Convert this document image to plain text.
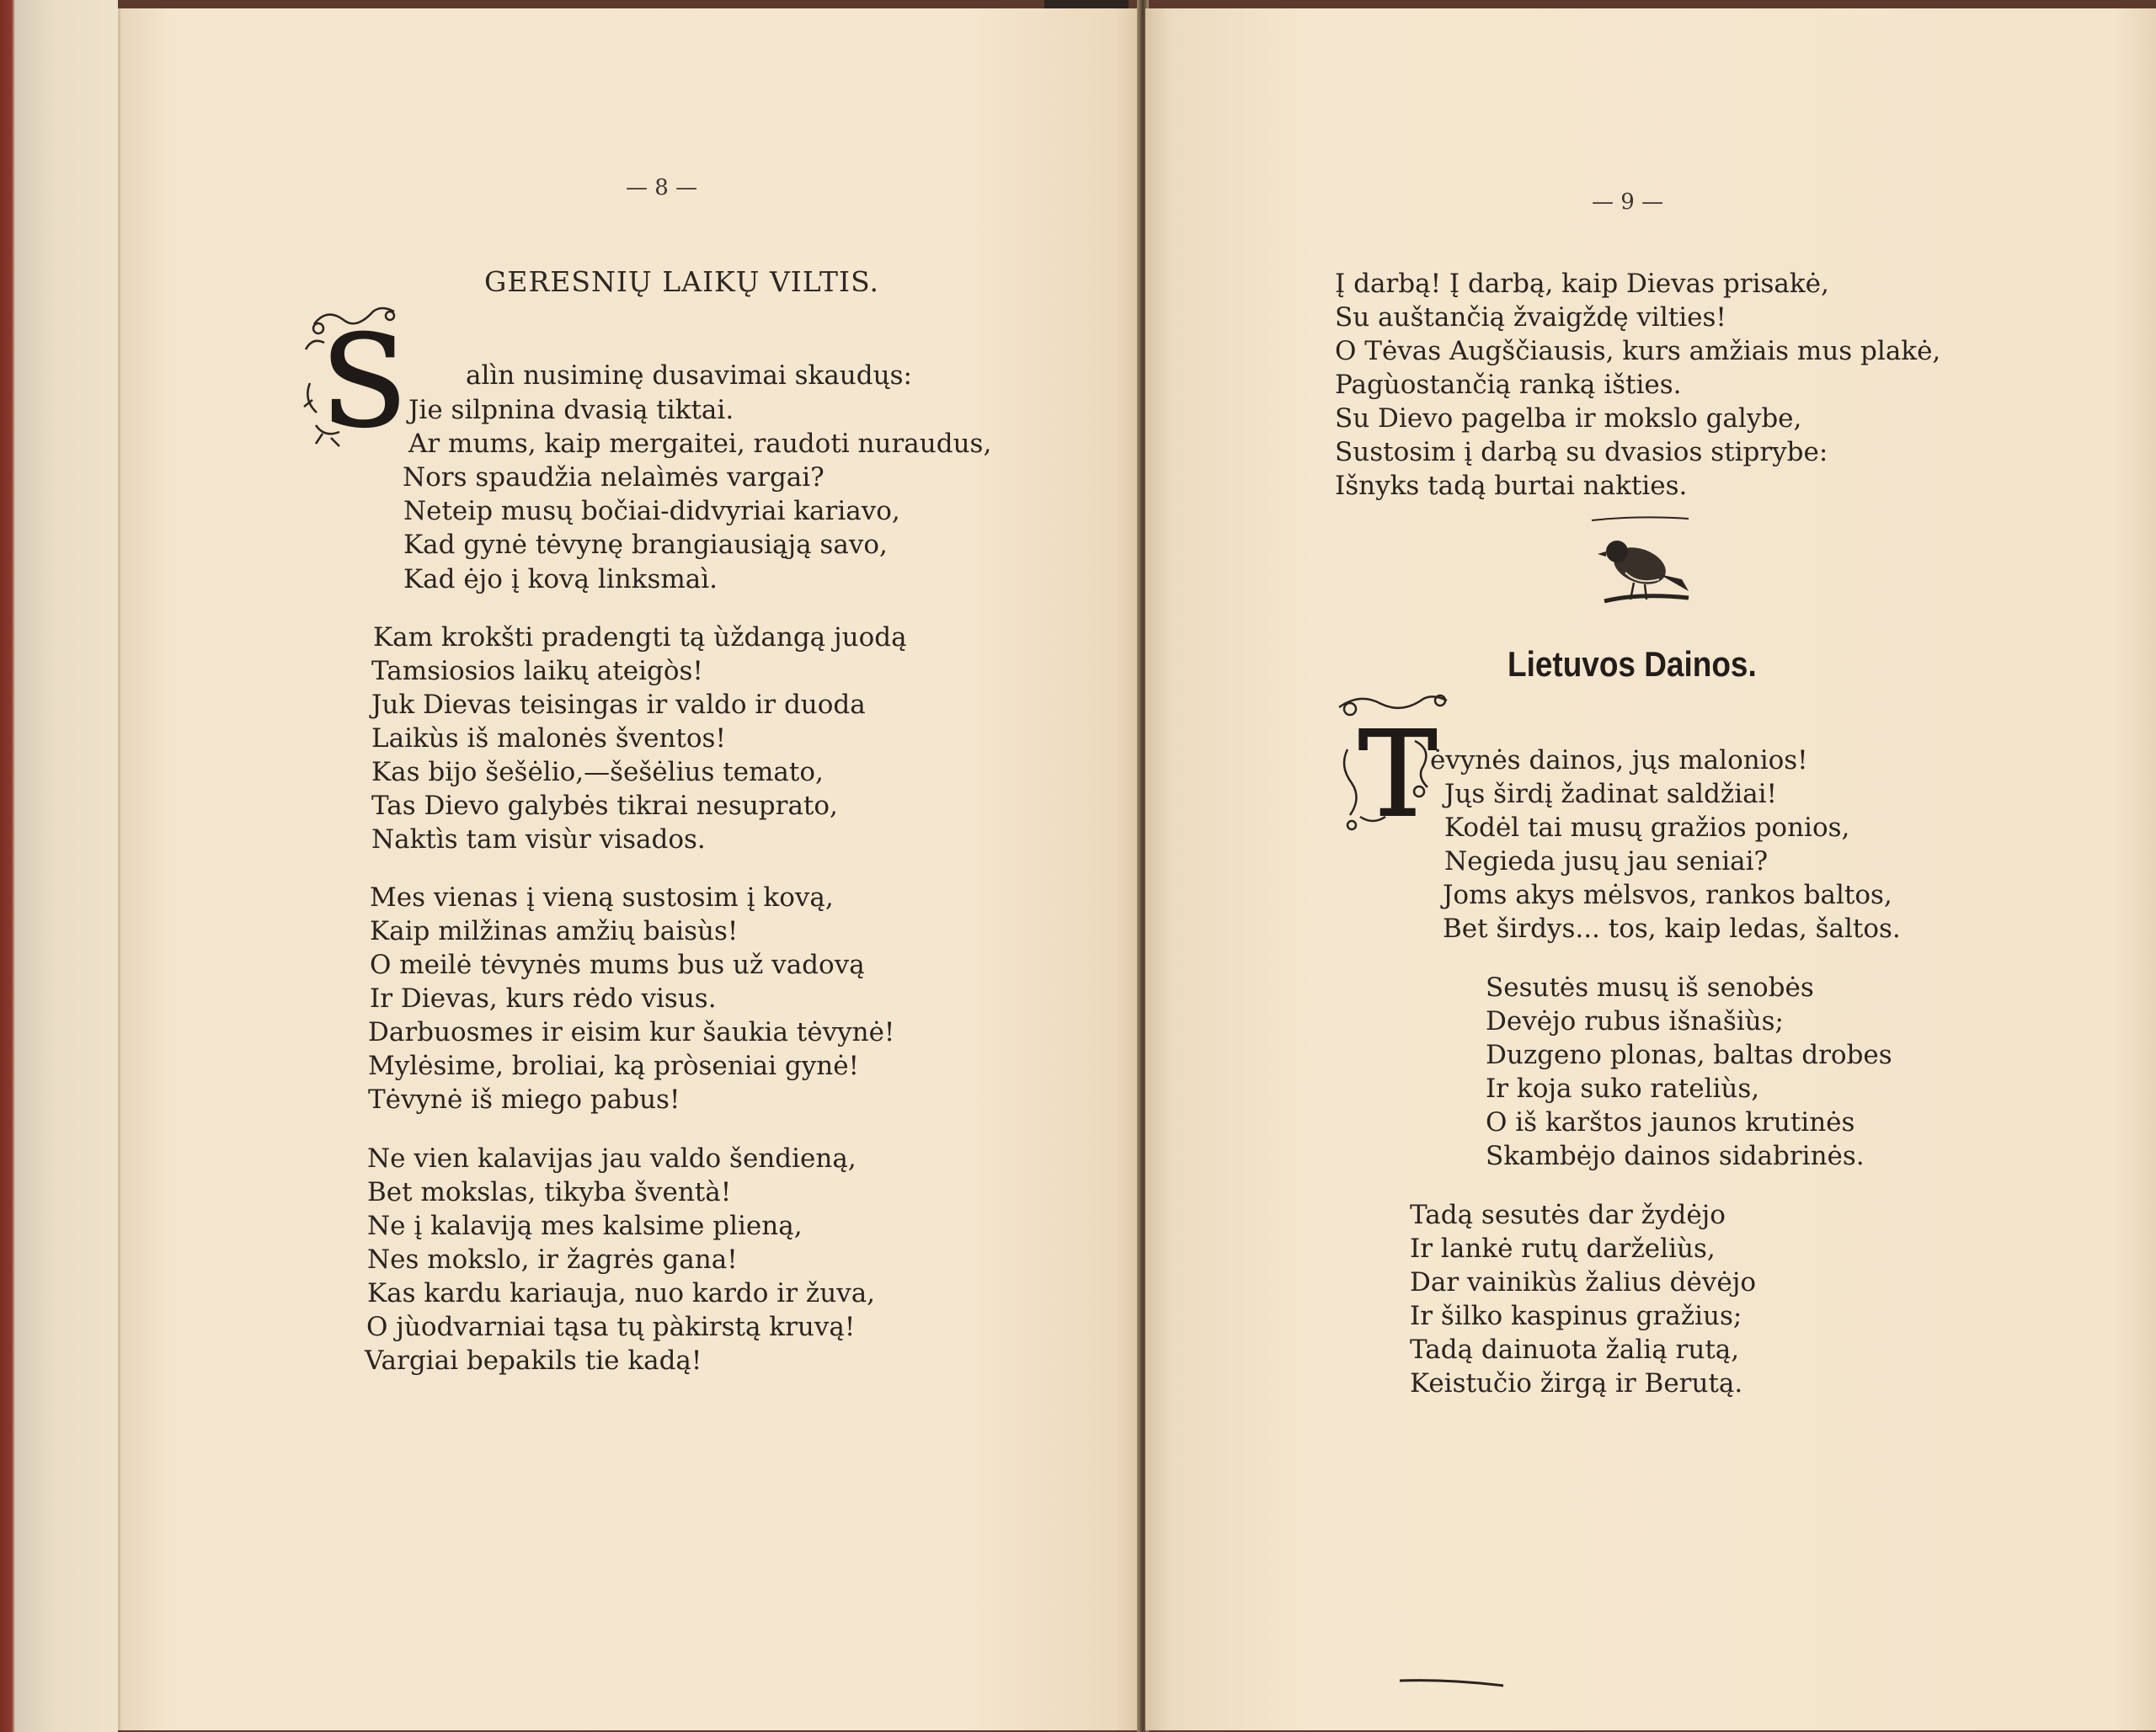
— 8 —
GERESNIŲ LAIKŲ VILTIS.
S alìn nusiminę dusavimai skaudųs:
Jie silpnina dvasią tiktai.
Ar mums, kaip mergaitei, raudoti nuraudus,
Nors spaudžia nelaìmės vargai?
Neteip musų bočiai-didvyriai kariavo,
Kad gynė tėvynę brangiausiąją savo,
Kad ėjo į kovą linksmaì.
Kam krokšti pradengti tą ùždangą juodą
Tamsiosios laikų ateigòs!
Juk Dievas teisingas ir valdo ir duoda
Laikùs iš malonės šventos!
Kas bijo šešėlio,—šešėlius temato,
Tas Dievo galybės tikrai nesuprato,
Naktìs tam visùr visados.
Mes vienas į vieną sustosim į kovą,
Kaip milžinas amžių baisùs!
O meilė tėvynės mums bus už vadovą
Ir Dievas, kurs rėdo visus.
Darbuosmes ir eisim kur šaukia tėvynė!
Mylėsime, broliai, ką pròseniai gynė!
Tėvynė iš miego pabus!
Ne vien kalavijas jau valdo šendieną,
Bet mokslas, tikyba šventà!
Ne į kalaviją mes kalsime plieną,
Nes mokslo, ir žagrės gana!
Kas kardu kariauja, nuo kardo ir žuva,
O jùodvarniai tąsa tų pàkirstą kruvą!
Vargiai bepakils tie kadą!
— 9 —
Į darbą! Į darbą, kaip Dievas prisakė,
Su auštančią žvaigždę vilties!
O Tėvas Augščiausis, kurs amžiais mus plakė,
Pagùostančią ranką išties.
Su Dievo pagelba ir mokslo galybe,
Sustosim į darbą su dvasios stiprybe:
Išnyks tadą burtai nakties.
Lietuvos Dainos.
T
ėvynės dainos, jųs malonios!
Jųs širdį žadinat saldžiai!
Kodėl tai musų gražios ponios,
Negieda jusų jau seniai?
Joms akys mėlsvos, rankos baltos,
Bet širdys... tos, kaip ledas, šaltos.
Sesutės musų iš senobės
Devėjo rubus išnašiùs;
Duzgeno plonas, baltas drobes
Ir koja suko rateliùs,
O iš karštos jaunos krutinės
Skambėjo dainos sidabrinės.
Tadą sesutės dar žydėjo
Ir lankė rutų darželiùs,
Dar vainikùs žalius dėvėjo
Ir šilko kaspinus gražius;
Tadą dainuota žalią rutą,
Keistučio žirgą ir Berutą.
